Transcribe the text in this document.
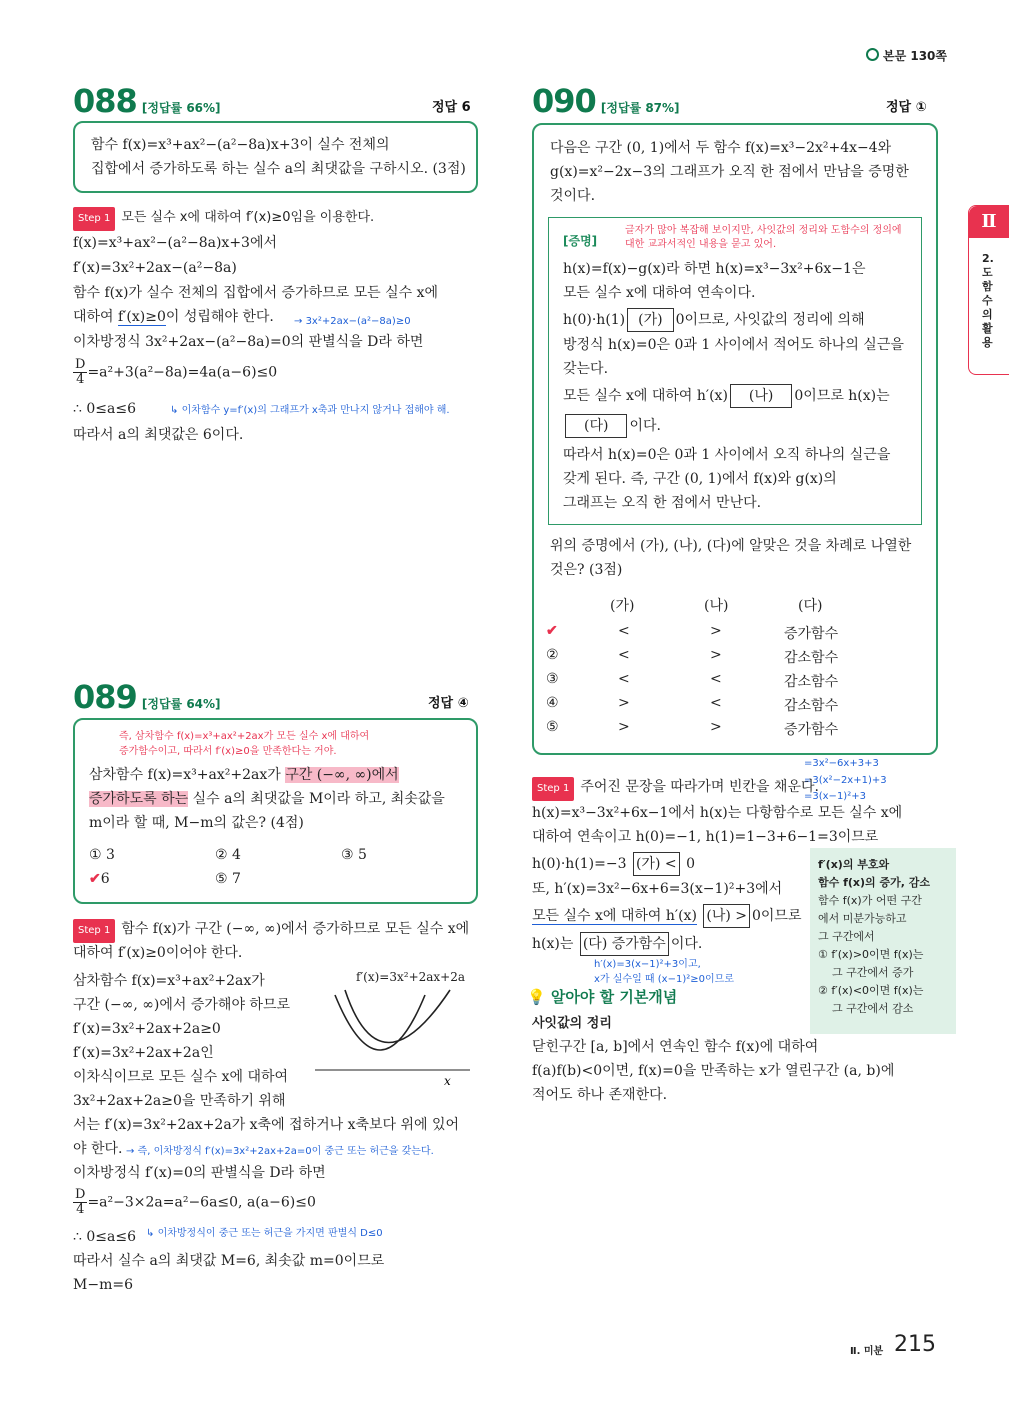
본문 130쪽
Ⅱ
2. 도 함 수 의 활 용
088 [정답률 66%]	정답 6
함수 f(x)=x³+ax²−(a²−8a)x+3이 실수 전체의
집합에서 증가하도록 하는 실수 a의 최댓값을 구하시오. (3점)
Step 1 모든 실수 x에 대하여 f′(x)≥0임을 이용한다.
f(x)=x³+ax²−(a²−8a)x+3에서
f′(x)=3x²+2ax−(a²−8a)
함수 f(x)가 실수 전체의 집합에서 증가하므로 모든 실수 x에
대하여 f′(x)≥0이 성립해야 한다. → 3x²+2ax−(a²−8a)≥0
이차방정식 3x²+2ax−(a²−8a)=0의 판별식을 D라 하면
$\frac{D}{4} =a^2+3(a^2-8a)=4a(a-6)\le 0$
∴ 0≤a≤6	↳ 이차함수 y=f′(x)의 그래프가 x축과 만나지 않거나 접해야 해.
따라서 a의 최댓값은 6이다.
089 [정답률 64%]	정답 ④
즉, 삼차함수 f(x)=x³+ax²+2ax가 모든 실수 x에 대하여
증가함수이고, 따라서 f′(x)≥0을 만족한다는 거야.
삼차함수 f(x)=x³+ax²+2ax가 구간 (−∞, ∞)에서
증가하도록 하는 실수 a의 최댓값을 M이라 하고, 최솟값을
m이라 할 때, M−m의 값은? (4점)
① 3	② 4	③ 5
✔6	⑤ 7
Step 1 함수 f(x)가 구간 (−∞, ∞)에서 증가하므로 모든 실수 x에
대하여 f′(x)≥0이어야 한다.
삼차함수 f(x)=x³+ax²+2ax가
구간 (−∞, ∞)에서 증가해야 하므로
f′(x)=3x²+2ax+2a≥0
f′(x)=3x²+2ax+2a인
이차식이므로 모든 실수 x에 대하여
3x²+2ax+2a≥0을 만족하기 위해
서는 f′(x)=3x²+2ax+2a가 x축에 접하거나 x축보다 위에 있어
야 한다. → 즉, 이차방정식 f′(x)=3x²+2ax+2a=0이 중근 또는 허근을 갖는다.
이차방정식 f′(x)=0의 판별식을 D라 하면
$\frac{D}{4} =a^2-3\times 2a=a^2-6a\le 0$, a(a−6)≤0
∴ 0≤a≤6 ↳ 이차방정식이 중근 또는 허근을 가지면 판별식 D≤0
따라서 실수 a의 최댓값 M=6, 최솟값 m=0이므로
M−m=6
f′(x)=3x²+2ax+2a
x
090 [정답률 87%]	정답 ①
다음은 구간 (0, 1)에서 두 함수 f(x)=x³−2x²+4x−4와
g(x)=x²−2x−3의 그래프가 오직 한 점에서 만남을 증명한
것이다.
[증명]
글자가 많아 복잡해 보이지만, 사잇값의 정리와 도함수의 정의에
대한 교과서적인 내용을 묻고 있어.
h(x)=f(x)−g(x)라 하면 h(x)=x³−3x²+6x−1은
모든 실수 x에 대하여 연속이다.
h(0)·h(1) (가) 0이므로, 사잇값의 정리에 의해
방정식 h(x)=0은 0과 1 사이에서 적어도 하나의 실근을
갖는다.
모든 실수 x에 대하여 h′(x) (나) 0이므로 h(x)는
(다) 이다.
따라서 h(x)=0은 0과 1 사이에서 오직 하나의 실근을
갖게 된다. 즉, 구간 (0, 1)에서 f(x)와 g(x)의
그래프는 오직 한 점에서 만난다.
위의 증명에서 (가), (나), (다)에 알맞은 것을 차례로 나열한
것은? (3점)
(가)	(나)	(다)
✔	<	>	증가함수
②	<	>	감소함수
③	<	<	감소함수
④	>	<	감소함수
⑤	>	>	증가함수
=3x²−6x+3+3
=3(x²−2x+1)+3
=3(x−1)²+3
Step 1 주어진 문장을 따라가며 빈칸을 채운다.
h(x)=x³−3x²+6x−1에서 h(x)는 다항함수로 모든 실수 x에
대하여 연속이고 h(0)=−1, h(1)=1−3+6−1=3이므로
h(0)·h(1)=−3 (가) < 0
또, h′(x)=3x²−6x+6=3(x−1)²+3에서
모든 실수 x에 대하여 h′(x) (나) > 0이므로
h(x)는 (다) 증가함수 이다.
h′(x)=3(x−1)²+3이고,
x가 실수일 때 (x−1)²≥0이므로
f′(x)의 부호와
함수 f(x)의 증가, 감소
함수 f(x)가 어떤 구간
에서 미분가능하고
그 구간에서
① f′(x)>0이면 f(x)는
그 구간에서 증가
② f′(x)<0이면 f(x)는
그 구간에서 감소
💡 알아야 할 기본개념
사잇값의 정리
닫힌구간 [a, b]에서 연속인 함수 f(x)에 대하여
f(a)f(b)<0이면, f(x)=0을 만족하는 x가 열린구간 (a, b)에
적어도 하나 존재한다.
Ⅱ. 미분 215
